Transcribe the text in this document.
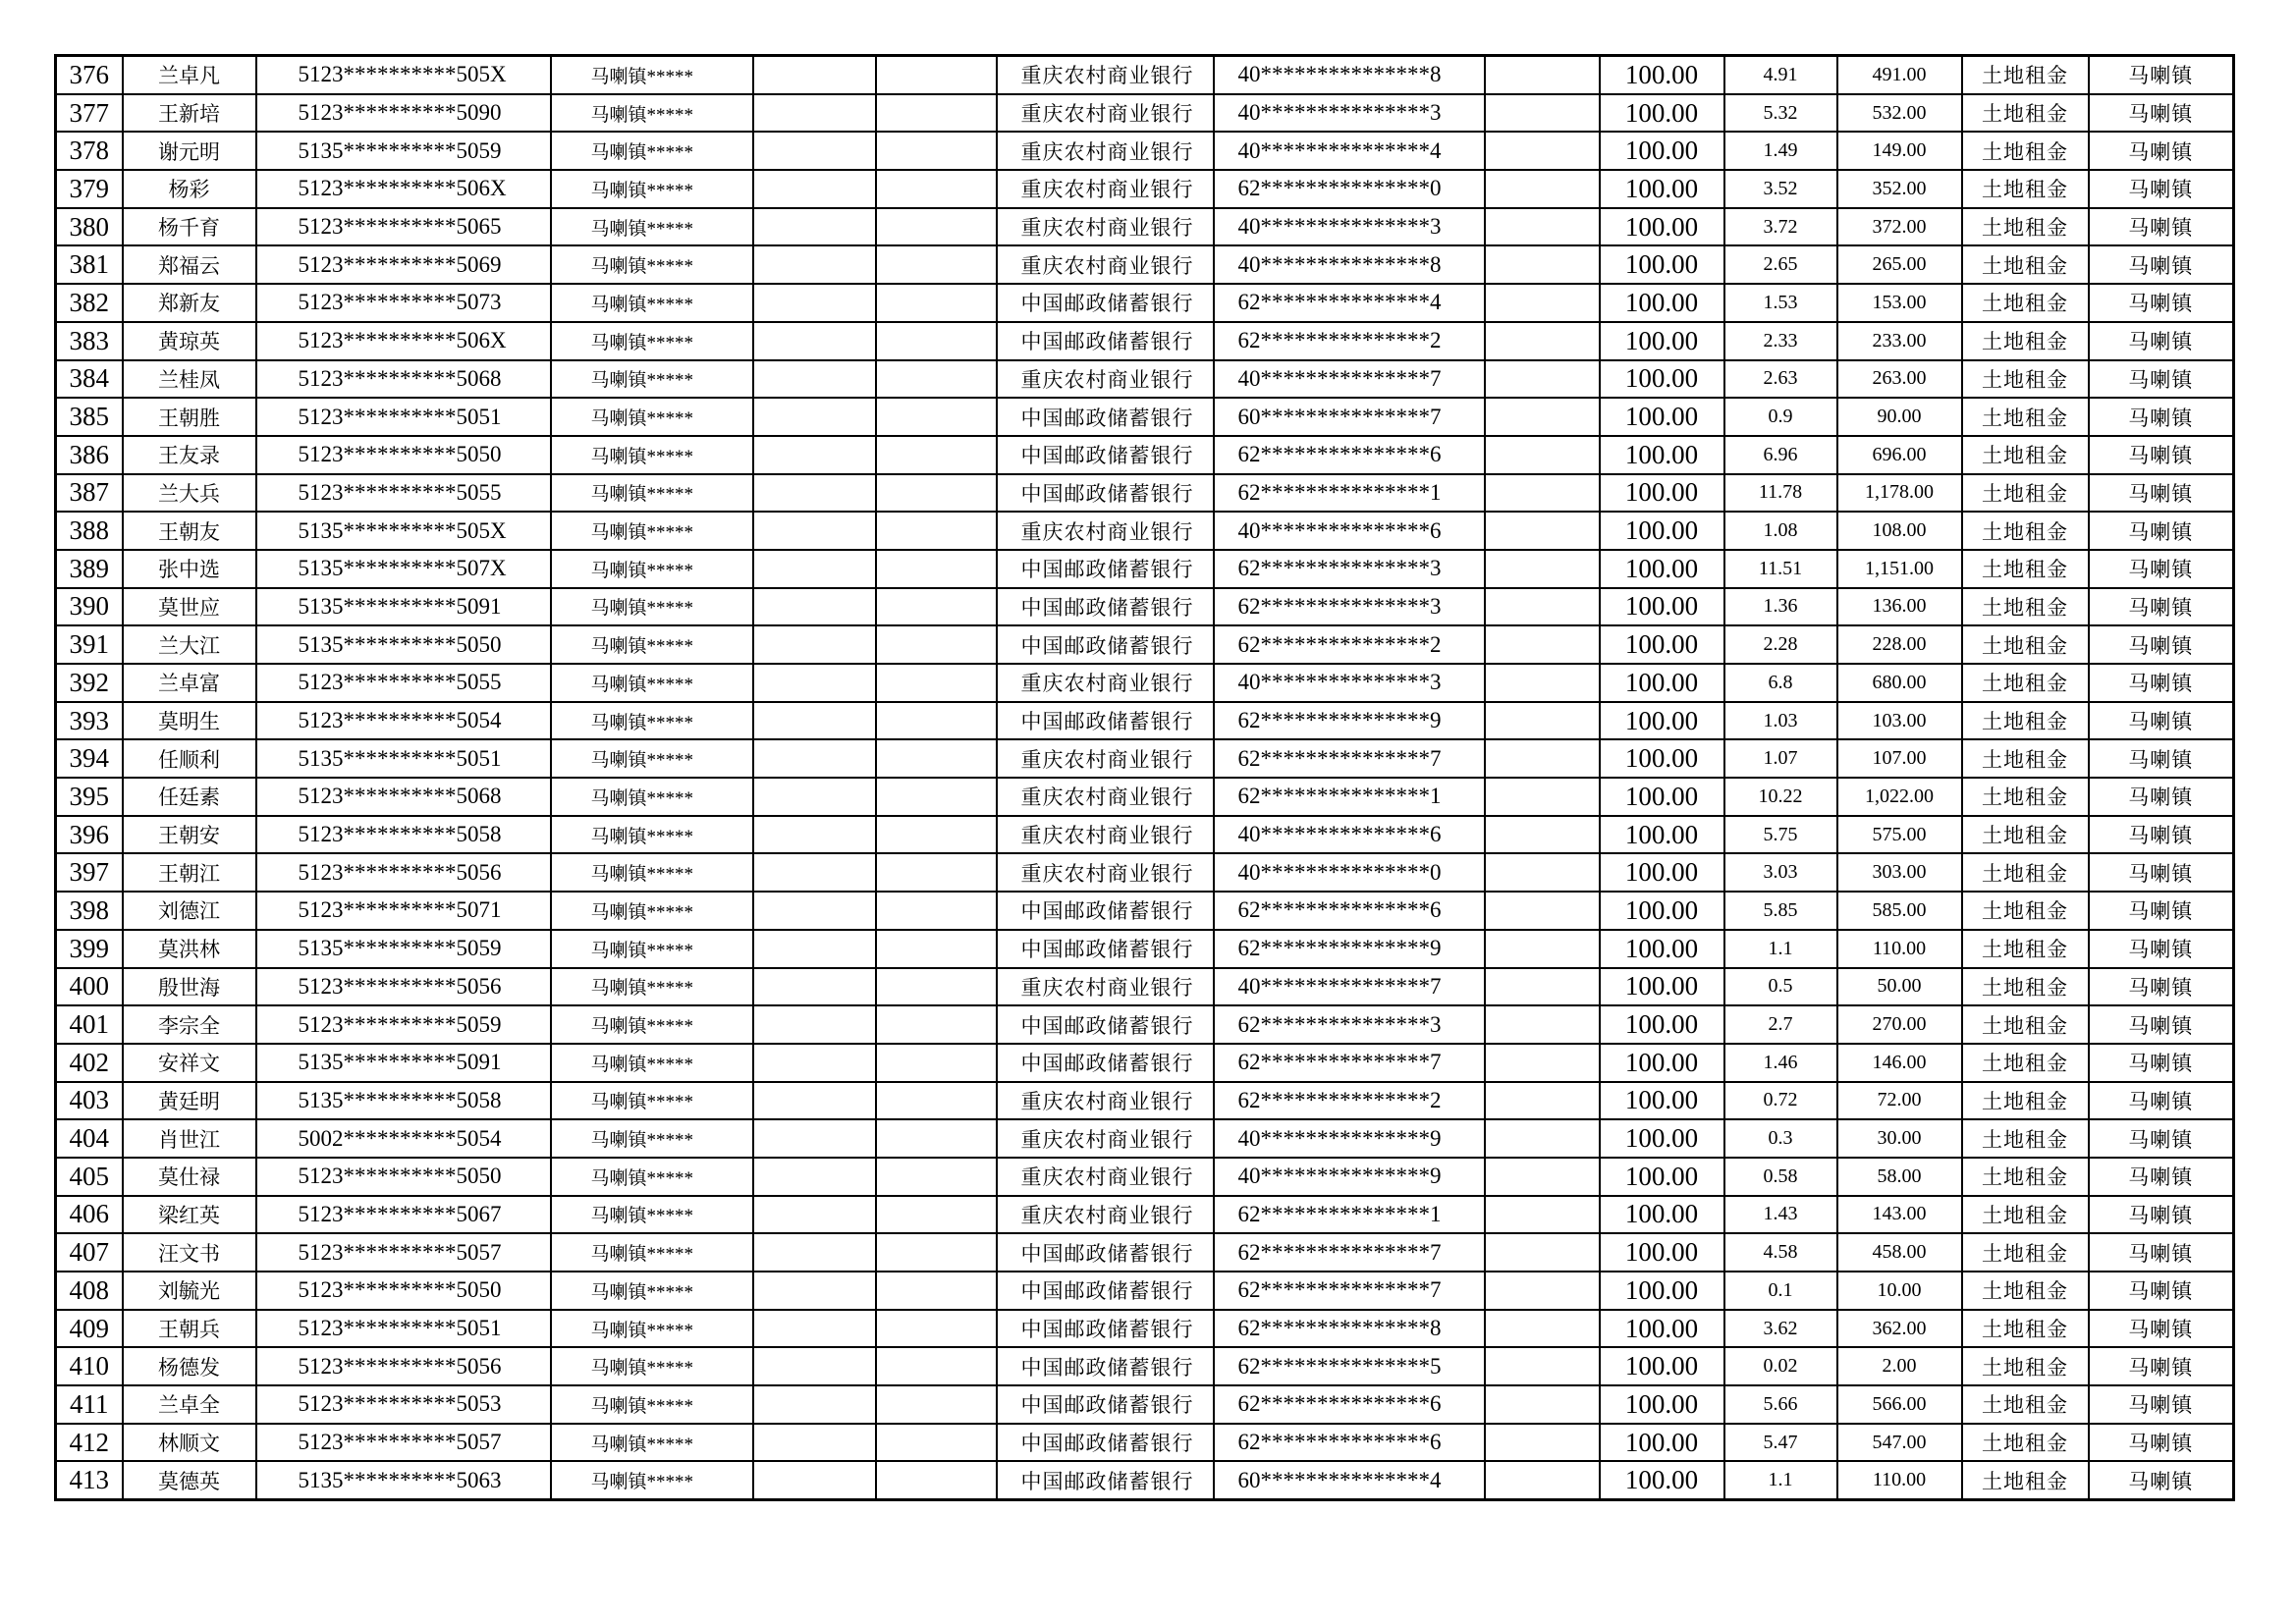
376	兰卓凡	5123**********505X	马喇镇*****			重庆农村商业银行	40***************8		100.00	4.91	491.00	土地租金	马喇镇
377	王新培	5123**********5090	马喇镇*****			重庆农村商业银行	40***************3		100.00	5.32	532.00	土地租金	马喇镇
378	谢元明	5135**********5059	马喇镇*****			重庆农村商业银行	40***************4		100.00	1.49	149.00	土地租金	马喇镇
379	杨彩	5123**********506X	马喇镇*****			重庆农村商业银行	62***************0		100.00	3.52	352.00	土地租金	马喇镇
380	杨千育	5123**********5065	马喇镇*****			重庆农村商业银行	40***************3		100.00	3.72	372.00	土地租金	马喇镇
381	郑福云	5123**********5069	马喇镇*****			重庆农村商业银行	40***************8		100.00	2.65	265.00	土地租金	马喇镇
382	郑新友	5123**********5073	马喇镇*****			中国邮政储蓄银行	62***************4		100.00	1.53	153.00	土地租金	马喇镇
383	黄琼英	5123**********506X	马喇镇*****			中国邮政储蓄银行	62***************2		100.00	2.33	233.00	土地租金	马喇镇
384	兰桂凤	5123**********5068	马喇镇*****			重庆农村商业银行	40***************7		100.00	2.63	263.00	土地租金	马喇镇
385	王朝胜	5123**********5051	马喇镇*****			中国邮政储蓄银行	60***************7		100.00	0.9	90.00	土地租金	马喇镇
386	王友录	5123**********5050	马喇镇*****			中国邮政储蓄银行	62***************6		100.00	6.96	696.00	土地租金	马喇镇
387	兰大兵	5123**********5055	马喇镇*****			中国邮政储蓄银行	62***************1		100.00	11.78	1,178.00	土地租金	马喇镇
388	王朝友	5135**********505X	马喇镇*****			重庆农村商业银行	40***************6		100.00	1.08	108.00	土地租金	马喇镇
389	张中选	5135**********507X	马喇镇*****			中国邮政储蓄银行	62***************3		100.00	11.51	1,151.00	土地租金	马喇镇
390	莫世应	5135**********5091	马喇镇*****			中国邮政储蓄银行	62***************3		100.00	1.36	136.00	土地租金	马喇镇
391	兰大江	5135**********5050	马喇镇*****			中国邮政储蓄银行	62***************2		100.00	2.28	228.00	土地租金	马喇镇
392	兰卓富	5123**********5055	马喇镇*****			重庆农村商业银行	40***************3		100.00	6.8	680.00	土地租金	马喇镇
393	莫明生	5123**********5054	马喇镇*****			中国邮政储蓄银行	62***************9		100.00	1.03	103.00	土地租金	马喇镇
394	任顺利	5135**********5051	马喇镇*****			重庆农村商业银行	62***************7		100.00	1.07	107.00	土地租金	马喇镇
395	任廷素	5123**********5068	马喇镇*****			重庆农村商业银行	62***************1		100.00	10.22	1,022.00	土地租金	马喇镇
396	王朝安	5123**********5058	马喇镇*****			重庆农村商业银行	40***************6		100.00	5.75	575.00	土地租金	马喇镇
397	王朝江	5123**********5056	马喇镇*****			重庆农村商业银行	40***************0		100.00	3.03	303.00	土地租金	马喇镇
398	刘德江	5123**********5071	马喇镇*****			中国邮政储蓄银行	62***************6		100.00	5.85	585.00	土地租金	马喇镇
399	莫洪林	5135**********5059	马喇镇*****			中国邮政储蓄银行	62***************9		100.00	1.1	110.00	土地租金	马喇镇
400	殷世海	5123**********5056	马喇镇*****			重庆农村商业银行	40***************7		100.00	0.5	50.00	土地租金	马喇镇
401	李宗全	5123**********5059	马喇镇*****			中国邮政储蓄银行	62***************3		100.00	2.7	270.00	土地租金	马喇镇
402	安祥文	5135**********5091	马喇镇*****			中国邮政储蓄银行	62***************7		100.00	1.46	146.00	土地租金	马喇镇
403	黄廷明	5135**********5058	马喇镇*****			重庆农村商业银行	62***************2		100.00	0.72	72.00	土地租金	马喇镇
404	肖世江	5002**********5054	马喇镇*****			重庆农村商业银行	40***************9		100.00	0.3	30.00	土地租金	马喇镇
405	莫仕禄	5123**********5050	马喇镇*****			重庆农村商业银行	40***************9		100.00	0.58	58.00	土地租金	马喇镇
406	梁红英	5123**********5067	马喇镇*****			重庆农村商业银行	62***************1		100.00	1.43	143.00	土地租金	马喇镇
407	汪文书	5123**********5057	马喇镇*****			中国邮政储蓄银行	62***************7		100.00	4.58	458.00	土地租金	马喇镇
408	刘毓光	5123**********5050	马喇镇*****			中国邮政储蓄银行	62***************7		100.00	0.1	10.00	土地租金	马喇镇
409	王朝兵	5123**********5051	马喇镇*****			中国邮政储蓄银行	62***************8		100.00	3.62	362.00	土地租金	马喇镇
410	杨德发	5123**********5056	马喇镇*****			中国邮政储蓄银行	62***************5		100.00	0.02	2.00	土地租金	马喇镇
411	兰卓全	5123**********5053	马喇镇*****			中国邮政储蓄银行	62***************6		100.00	5.66	566.00	土地租金	马喇镇
412	林顺文	5123**********5057	马喇镇*****			中国邮政储蓄银行	62***************6		100.00	5.47	547.00	土地租金	马喇镇
413	莫德英	5135**********5063	马喇镇*****			中国邮政储蓄银行	60***************4		100.00	1.1	110.00	土地租金	马喇镇
